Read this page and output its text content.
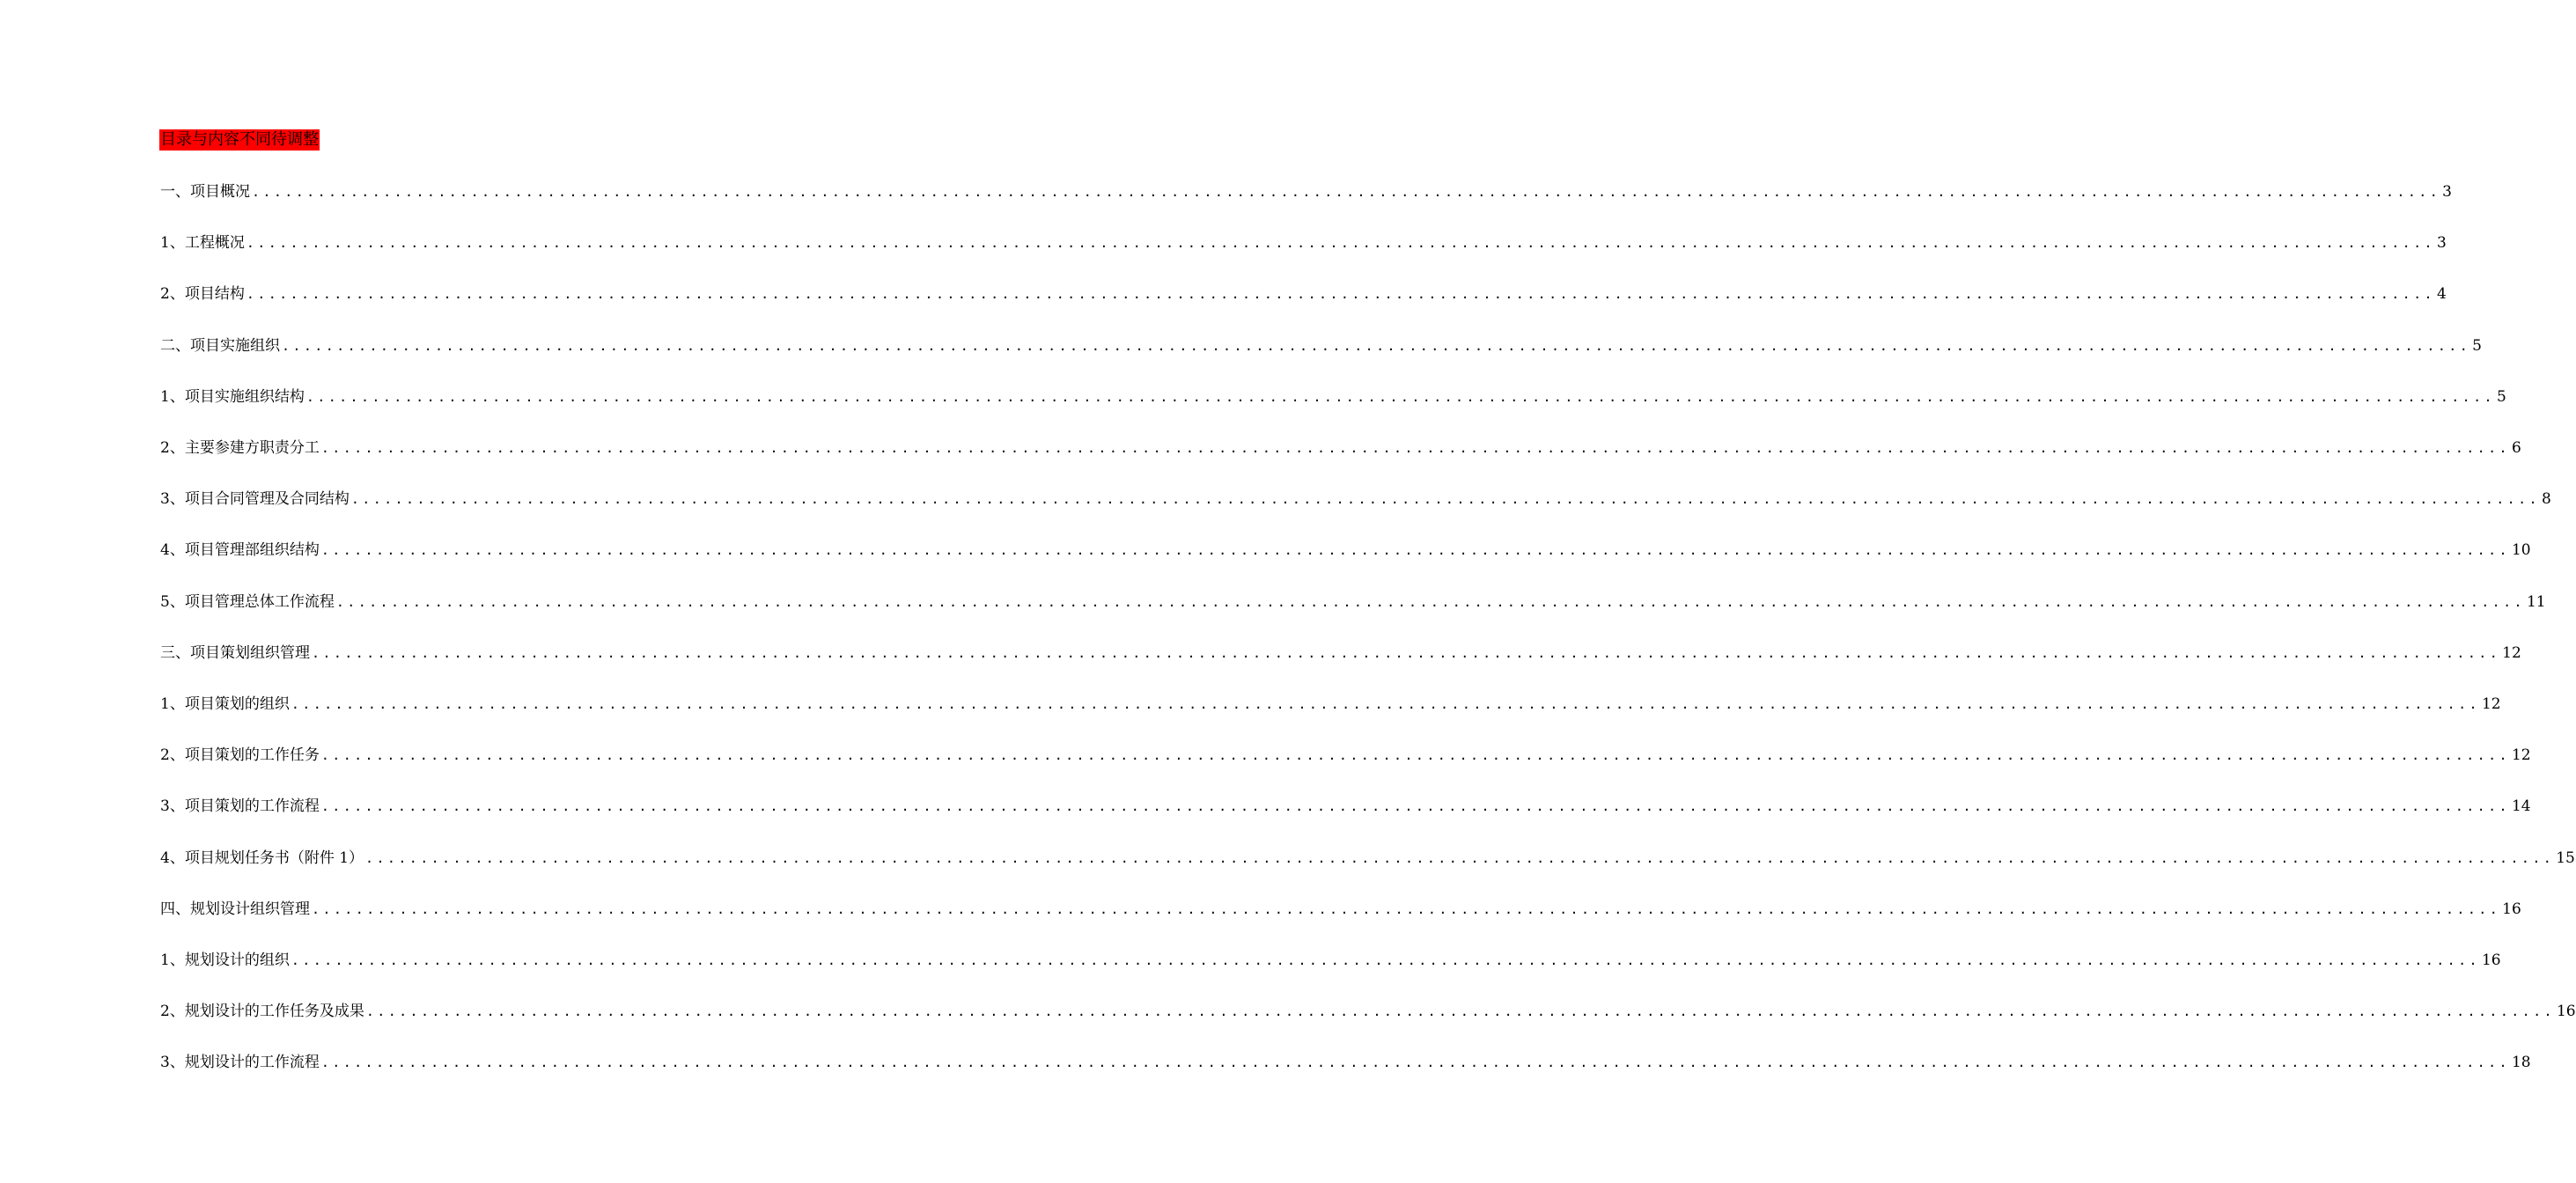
目录与内容不同待调整
一、项目概况 ........................................................................................................................................................................................................ 3
1、工程概况 ........................................................................................................................................................................................................ 3
2、项目结构 ........................................................................................................................................................................................................ 4
二、项目实施组织 ........................................................................................................................................................................................................ 5
1、项目实施组织结构 ........................................................................................................................................................................................................ 5
2、主要参建方职责分工 ........................................................................................................................................................................................................ 6
3、项目合同管理及合同结构 ........................................................................................................................................................................................................ 8
4、项目管理部组织结构 ........................................................................................................................................................................................................ 10
5、项目管理总体工作流程 ........................................................................................................................................................................................................ 11
三、项目策划组织管理 ........................................................................................................................................................................................................ 12
1、项目策划的组织 ........................................................................................................................................................................................................ 12
2、项目策划的工作任务 ........................................................................................................................................................................................................ 12
3、项目策划的工作流程 ........................................................................................................................................................................................................ 14
4、项目规划任务书（附件 1） ........................................................................................................................................................................................................ 15
四、规划设计组织管理 ........................................................................................................................................................................................................ 16
1、规划设计的组织 ........................................................................................................................................................................................................ 16
2、规划设计的工作任务及成果 ........................................................................................................................................................................................................ 16
3、规划设计的工作流程 ........................................................................................................................................................................................................ 18
